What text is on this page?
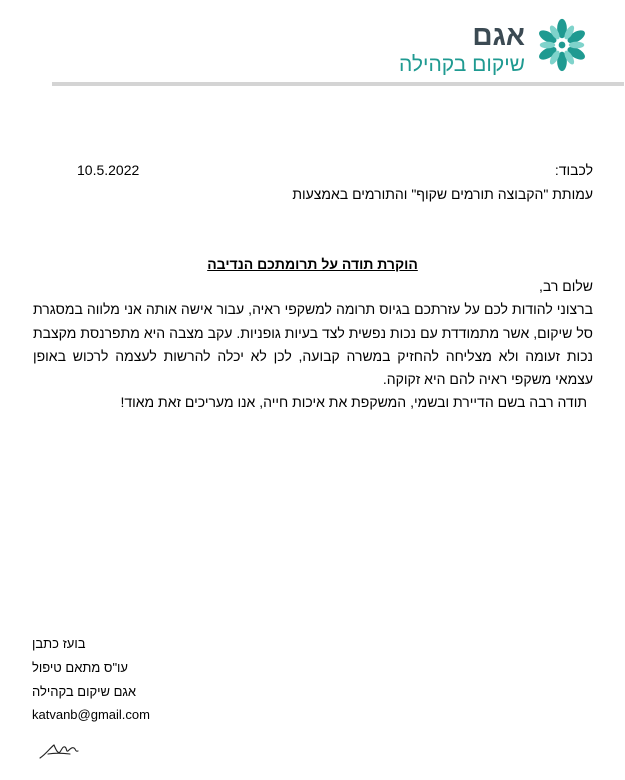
אגם
שיקום בקהילה
לכבוד:
10.5.2022
עמותת "הקבוצה תורמים שקוף" והתורמים באמצעות
הוקרת תודה על תרומתכם הנדיבה

שלום רב,

ברצוני להודות לכם על עזרתכם בגיוס תרומה למשקפי ראיה, עבור אישה אותה אני מלווה במסגרת סל שיקום, אשר מתמודדת עם נכות נפשית לצד בעיות גופניות. עקב מצבה היא מתפרנסת מקצבת נכות זעומה ולא מצליחה להחזיק במשרה קבועה, לכן לא יכלה להרשות לעצמה לרכוש באופן עצמאי משקפי ראיה להם היא זקוקה.

תודה רבה בשם הדיירת ובשמי, המשקפת את איכות חייה, אנו מעריכים זאת מאוד!

בועז כתבן
עו"ס מתאם טיפול
אגם שיקום בקהילה
katvanb@gmail.com
